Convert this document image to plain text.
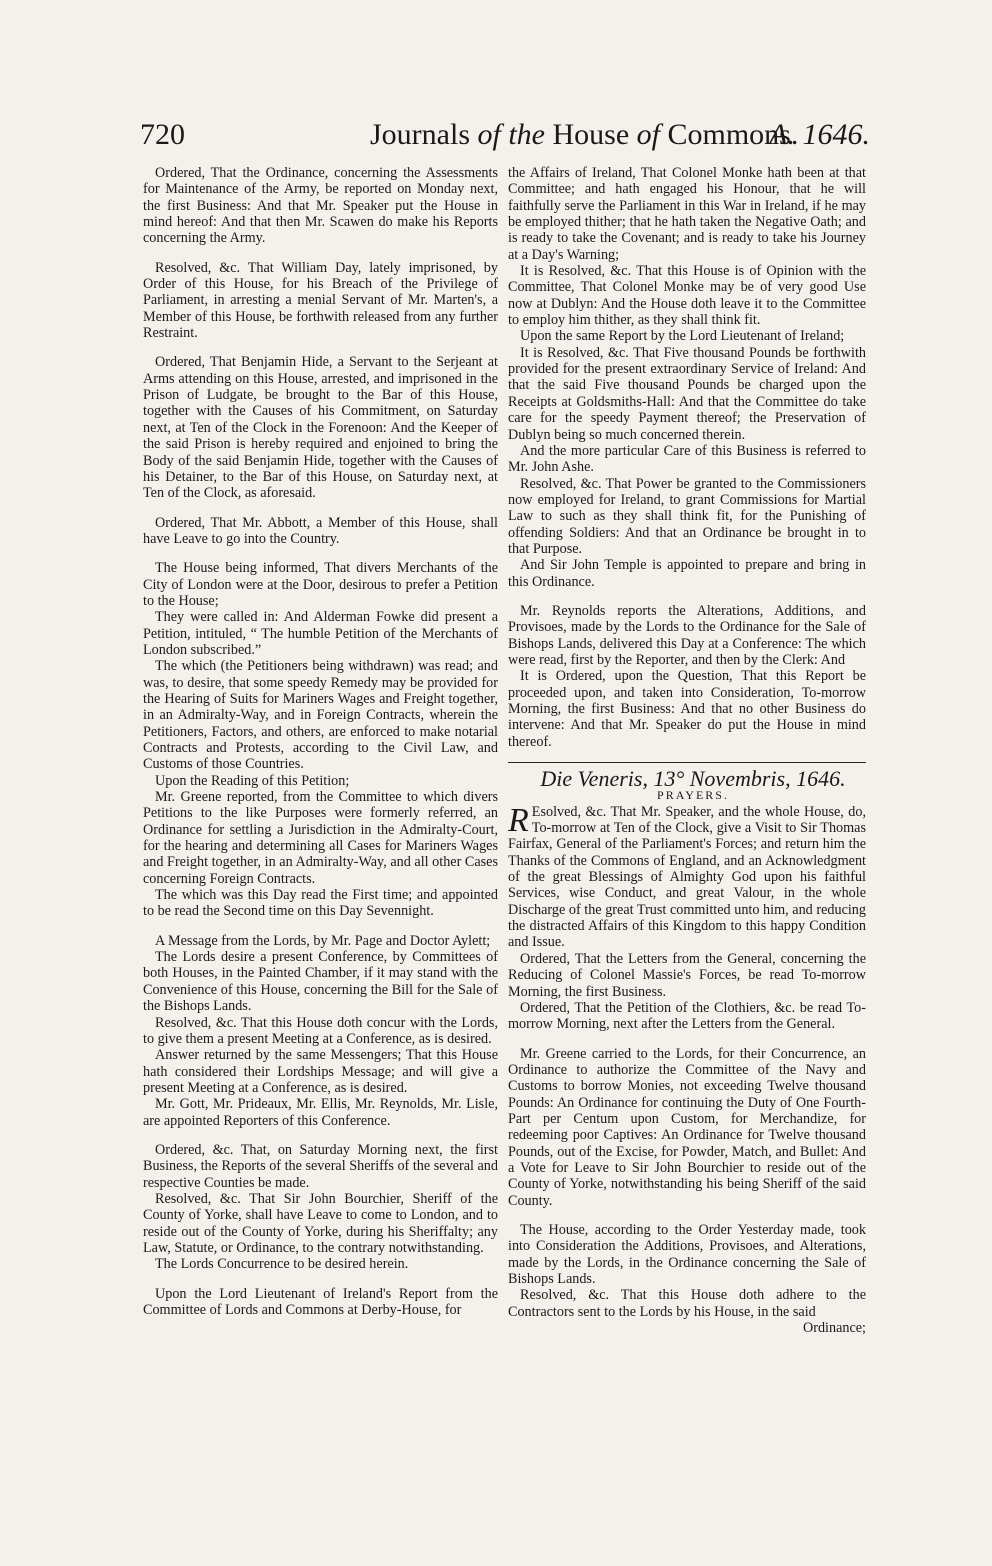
720	Journals of the House of Commons.
A. 1646.

Ordered, That the Ordinance, concerning the Assessments for Maintenance of the Army, be reported on Monday next, the first Business: And that Mr. Speaker put the House in mind hereof: And that then Mr. Scawen do make his Reports concerning the Army.

Resolved, &c. That William Day, lately imprisoned, by Order of this House, for his Breach of the Privilege of Parliament, in arresting a menial Servant of Mr. Marten's, a Member of this House, be forthwith released from any further Restraint.

Ordered, That Benjamin Hide, a Servant to the Serjeant at Arms attending on this House, arrested, and imprisoned in the Prison of Ludgate, be brought to the Bar of this House, together with the Causes of his Commitment, on Saturday next, at Ten of the Clock in the Forenoon: And the Keeper of the said Prison is hereby required and enjoined to bring the Body of the said Benjamin Hide, together with the Causes of his Detainer, to the Bar of this House, on Saturday next, at Ten of the Clock, as aforesaid.

Ordered, That Mr. Abbott, a Member of this House, shall have Leave to go into the Country.

The House being informed, That divers Merchants of the City of London were at the Door, desirous to prefer a Petition to the House;

They were called in: And Alderman Fowke did present a Petition, intituled, “ The humble Petition of the Merchants of London subscribed.”

The which (the Petitioners being withdrawn) was read; and was, to desire, that some speedy Remedy may be provided for the Hearing of Suits for Mariners Wages and Freight together, in an Admiralty-Way, and in Foreign Contracts, wherein the Petitioners, Factors, and others, are enforced to make notarial Contracts and Protests, according to the Civil Law, and Customs of those Countries.

Upon the Reading of this Petition;

Mr. Greene reported, from the Committee to which divers Petitions to the like Purposes were formerly referred, an Ordinance for settling a Jurisdiction in the Admiralty-Court, for the hearing and determining all Cases for Mariners Wages and Freight together, in an Admiralty-Way, and all other Cases concerning Foreign Contracts.

The which was this Day read the First time; and appointed to be read the Second time on this Day Sevennight.

A Message from the Lords, by Mr. Page and Doctor Aylett;

The Lords desire a present Conference, by Committees of both Houses, in the Painted Chamber, if it may stand with the Convenience of this House, concerning the Bill for the Sale of the Bishops Lands.

Resolved, &c. That this House doth concur with the Lords, to give them a present Meeting at a Conference, as is desired.

Answer returned by the same Messengers; That this House hath considered their Lordships Message; and will give a present Meeting at a Conference, as is desired.

Mr. Gott, Mr. Prideaux, Mr. Ellis, Mr. Reynolds, Mr. Lisle, are appointed Reporters of this Conference.

Ordered, &c. That, on Saturday Morning next, the first Business, the Reports of the several Sheriffs of the several and respective Counties be made.

Resolved, &c. That Sir John Bourchier, Sheriff of the County of Yorke, shall have Leave to come to London, and to reside out of the County of Yorke, during his Sheriffalty; any Law, Statute, or Ordinance, to the contrary notwithstanding.

The Lords Concurrence to be desired herein.

Upon the Lord Lieutenant of Ireland's Report from the Committee of Lords and Commons at Derby-House, for

the Affairs of Ireland, That Colonel Monke hath been at that Committee; and hath engaged his Honour, that he will faithfully serve the Parliament in this War in Ireland, if he may be employed thither; that he hath taken the Negative Oath; and is ready to take the Covenant; and is ready to take his Journey at a Day's Warning;

It is Resolved, &c. That this House is of Opinion with the Committee, That Colonel Monke may be of very good Use now at Dublyn: And the House doth leave it to the Committee to employ him thither, as they shall think fit.

Upon the same Report by the Lord Lieutenant of Ireland;

It is Resolved, &c. That Five thousand Pounds be forthwith provided for the present extraordinary Service of Ireland: And that the said Five thousand Pounds be charged upon the Receipts at Goldsmiths-Hall: And that the Committee do take care for the speedy Payment thereof; the Preservation of Dublyn being so much concerned therein.

And the more particular Care of this Business is referred to Mr. John Ashe.

Resolved, &c. That Power be granted to the Commissioners now employed for Ireland, to grant Commissions for Martial Law to such as they shall think fit, for the Punishing of offending Soldiers: And that an Ordinance be brought in to that Purpose.

And Sir John Temple is appointed to prepare and bring in this Ordinance.

Mr. Reynolds reports the Alterations, Additions, and Provisoes, made by the Lords to the Ordinance for the Sale of Bishops Lands, delivered this Day at a Conference: The which were read, first by the Reporter, and then by the Clerk: And

It is Ordered, upon the Question, That this Report be proceeded upon, and taken into Consideration, To-morrow Morning, the first Business: And that no other Business do intervene: And that Mr. Speaker do put the House in mind thereof.

Die Veneris, 13° Novembris, 1646.

PRAYERS.

R Esolved, &c. That Mr. Speaker, and the whole House, do, To-morrow at Ten of the Clock, give a Visit to Sir Thomas Fairfax, General of the Parliament's Forces; and return him the Thanks of the Commons of England, and an Acknowledgment of the great Blessings of Almighty God upon his faithful Services, wise Conduct, and great Valour, in the whole Discharge of the great Trust committed unto him, and reducing the distracted Affairs of this Kingdom to this happy Condition and Issue.

Ordered, That the Letters from the General, concerning the Reducing of Colonel Massie's Forces, be read To-morrow Morning, the first Business.

Ordered, That the Petition of the Clothiers, &c. be read To-morrow Morning, next after the Letters from the General.

Mr. Greene carried to the Lords, for their Concurrence, an Ordinance to authorize the Committee of the Navy and Customs to borrow Monies, not exceeding Twelve thousand Pounds: An Ordinance for continuing the Duty of One Fourth-Part per Centum upon Custom, for Merchandize, for redeeming poor Captives: An Ordinance for Twelve thousand Pounds, out of the Excise, for Powder, Match, and Bullet: And a Vote for Leave to Sir John Bourchier to reside out of the County of Yorke, notwithstanding his being Sheriff of the said County.

The House, according to the Order Yesterday made, took into Consideration the Additions, Provisoes, and Alterations, made by the Lords, in the Ordinance concerning the Sale of Bishops Lands.

Resolved, &c. That this House doth adhere to the Contractors sent to the Lords by his House, in the said

Ordinance;
